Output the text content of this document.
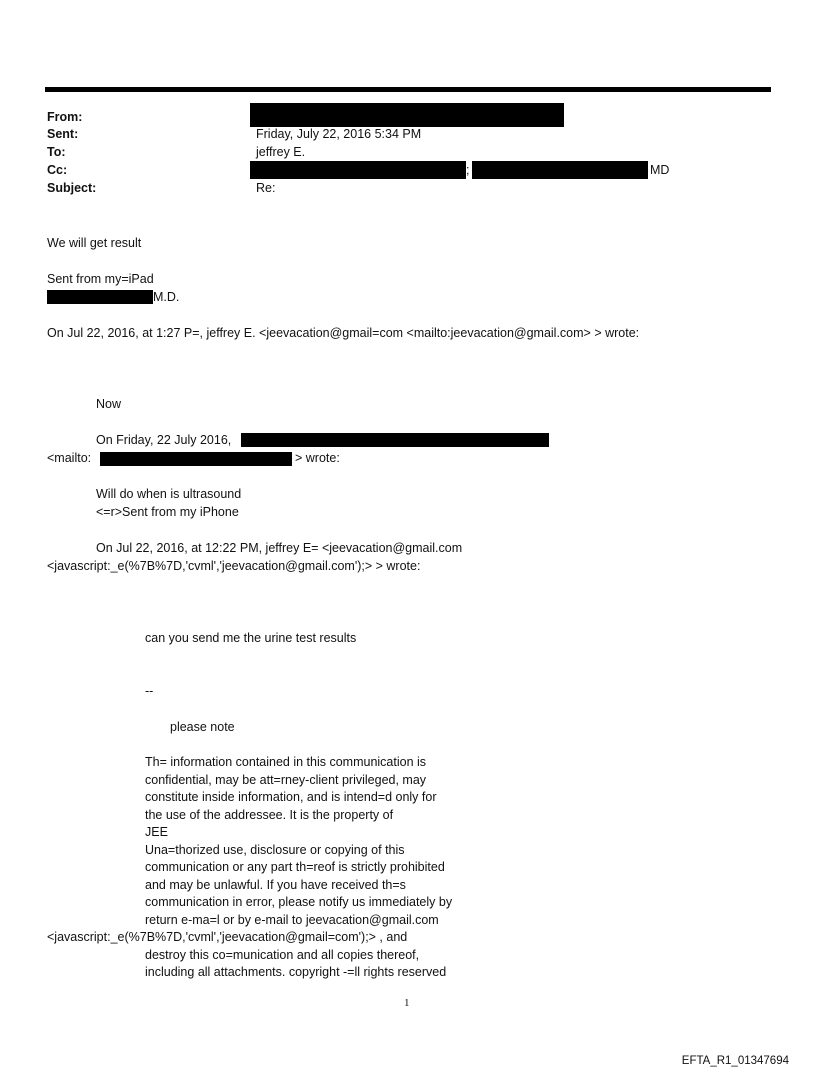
From:
Sent:
To:
Cc:
Subject:
Friday, July 22, 2016 5:34 PM
jeffrey E.
;	MD
Re:
We will get result
Sent from my=iPad
M.D.
On Jul 22, 2016, at 1:27 P=, jeffrey E. <jeevacation@gmail=com <mailto:jeevacation@gmail.com> > wrote:
Now
On Friday, 22 July 2016,
<mailto:	> wrote:
Will do when is ultrasound
<=r>Sent from my iPhone
On Jul 22, 2016, at 12:22 PM, jeffrey E= <jeevacation@gmail.com
<javascript:_e(%7B%7D,'cvml','jeevacation@gmail.com');> > wrote:
can you send me the urine test results
--
please note
Th= information contained in this communication is
confidential, may be att=rney-client privileged, may
constitute inside information, and is intend=d only for
the use of the addressee. It is the property of
JEE
Una=thorized use, disclosure or copying of this
communication or any part th=reof is strictly prohibited
and may be unlawful. If you have received th=s
communication in error, please notify us immediately by
return e-ma=l or by e-mail to jeevacation@gmail.com
<javascript:_e(%7B%7D,'cvml','jeevacation@gmail=com');> , and
destroy this co=munication and all copies thereof,
including all attachments. copyright -=ll rights reserved
1
EFTA_R1_01347694
